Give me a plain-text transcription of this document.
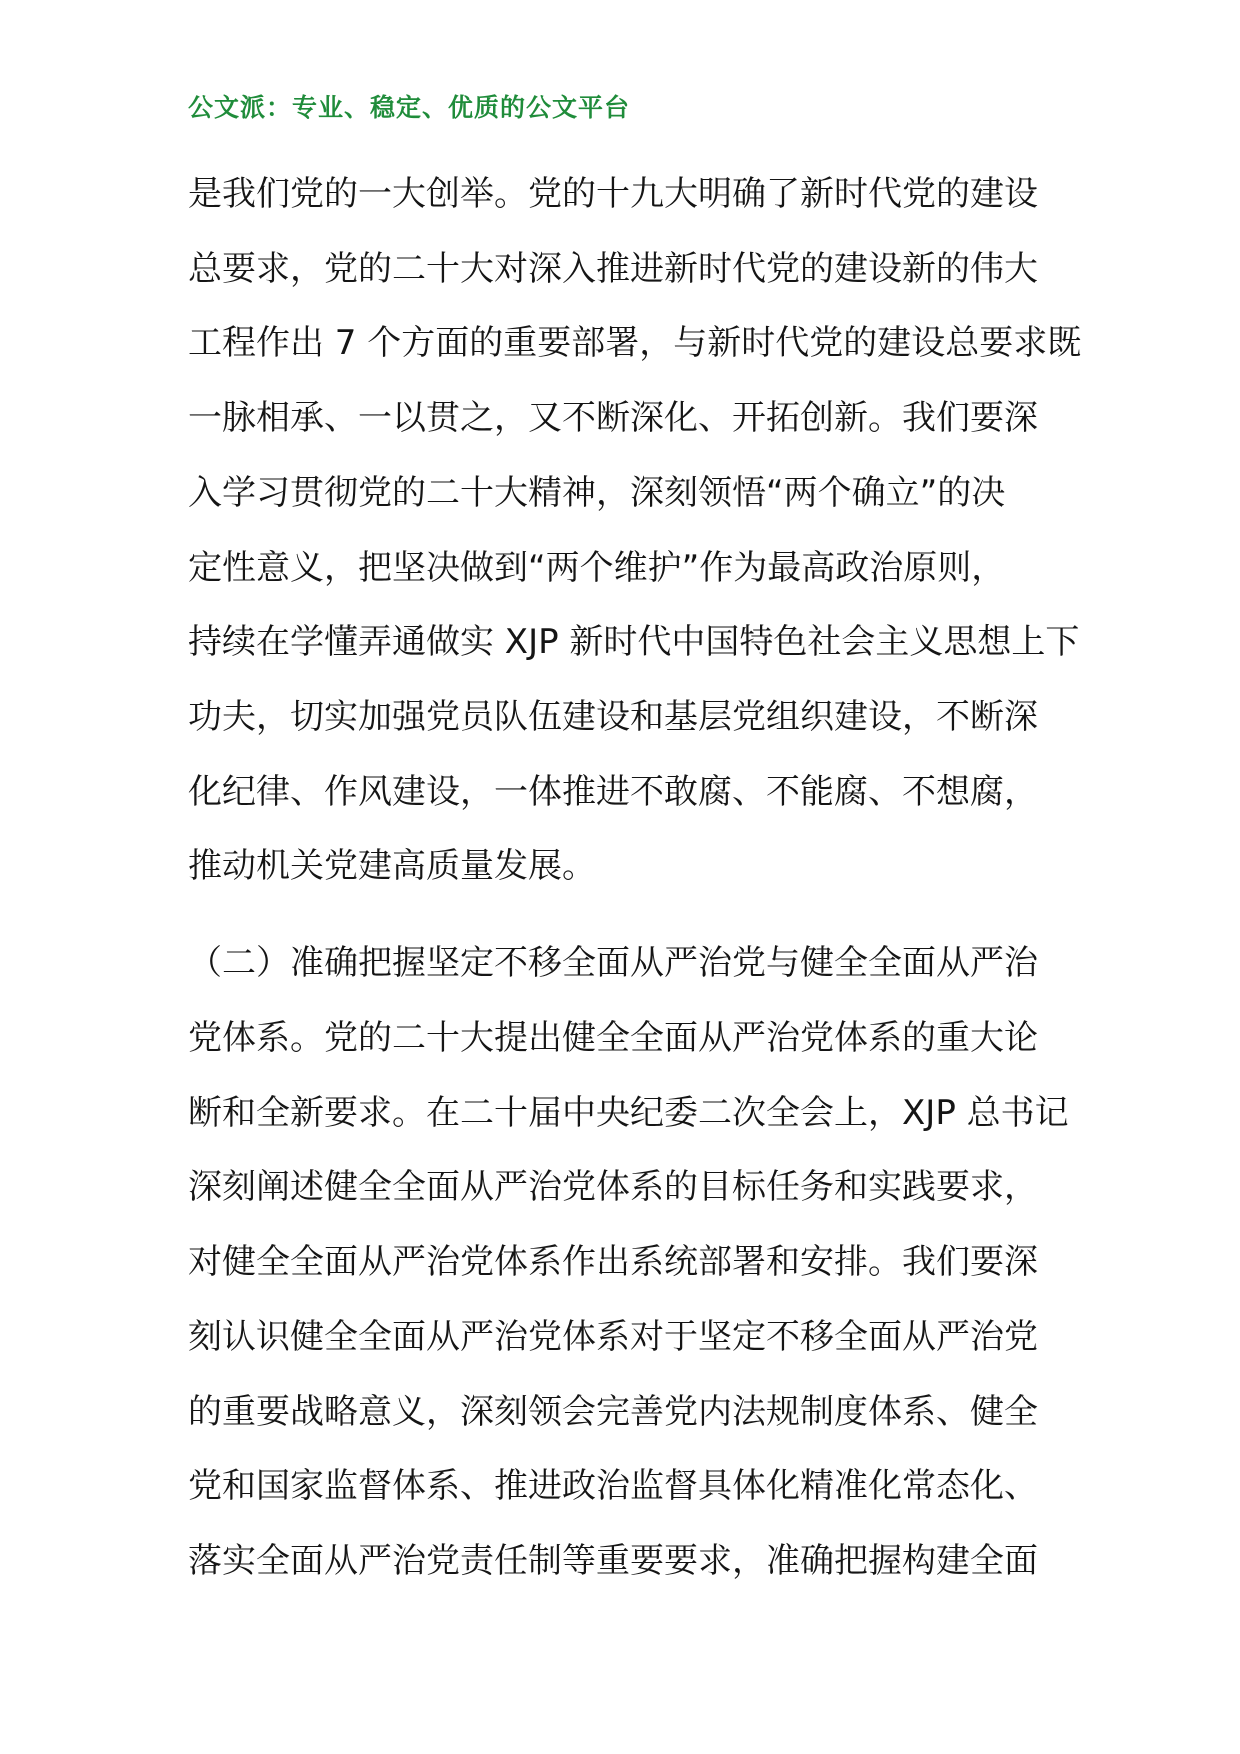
公文派：专业、稳定、优质的公文平台
是我们党的一大创举。党的十九大明确了新时代党的建设
总要求，党的二十大对深入推进新时代党的建设新的伟大
工程作出 7 个方面的重要部署，与新时代党的建设总要求既
一脉相承、一以贯之，又不断深化、开拓创新。我们要深
入学习贯彻党的二十大精神，深刻领悟“两个确立”的决
定性意义，把坚决做到“两个维护”作为最高政治原则，
持续在学懂弄通做实 XJP 新时代中国特色社会主义思想上下
功夫，切实加强党员队伍建设和基层党组织建设，不断深
化纪律、作风建设，一体推进不敢腐、不能腐、不想腐，
推动机关党建高质量发展。
（二）准确把握坚定不移全面从严治党与健全全面从严治
党体系。党的二十大提出健全全面从严治党体系的重大论
断和全新要求。在二十届中央纪委二次全会上，XJP 总书记
深刻阐述健全全面从严治党体系的目标任务和实践要求，
对健全全面从严治党体系作出系统部署和安排。我们要深
刻认识健全全面从严治党体系对于坚定不移全面从严治党
的重要战略意义，深刻领会完善党内法规制度体系、健全
党和国家监督体系、推进政治监督具体化精准化常态化、
落实全面从严治党责任制等重要要求，准确把握构建全面
